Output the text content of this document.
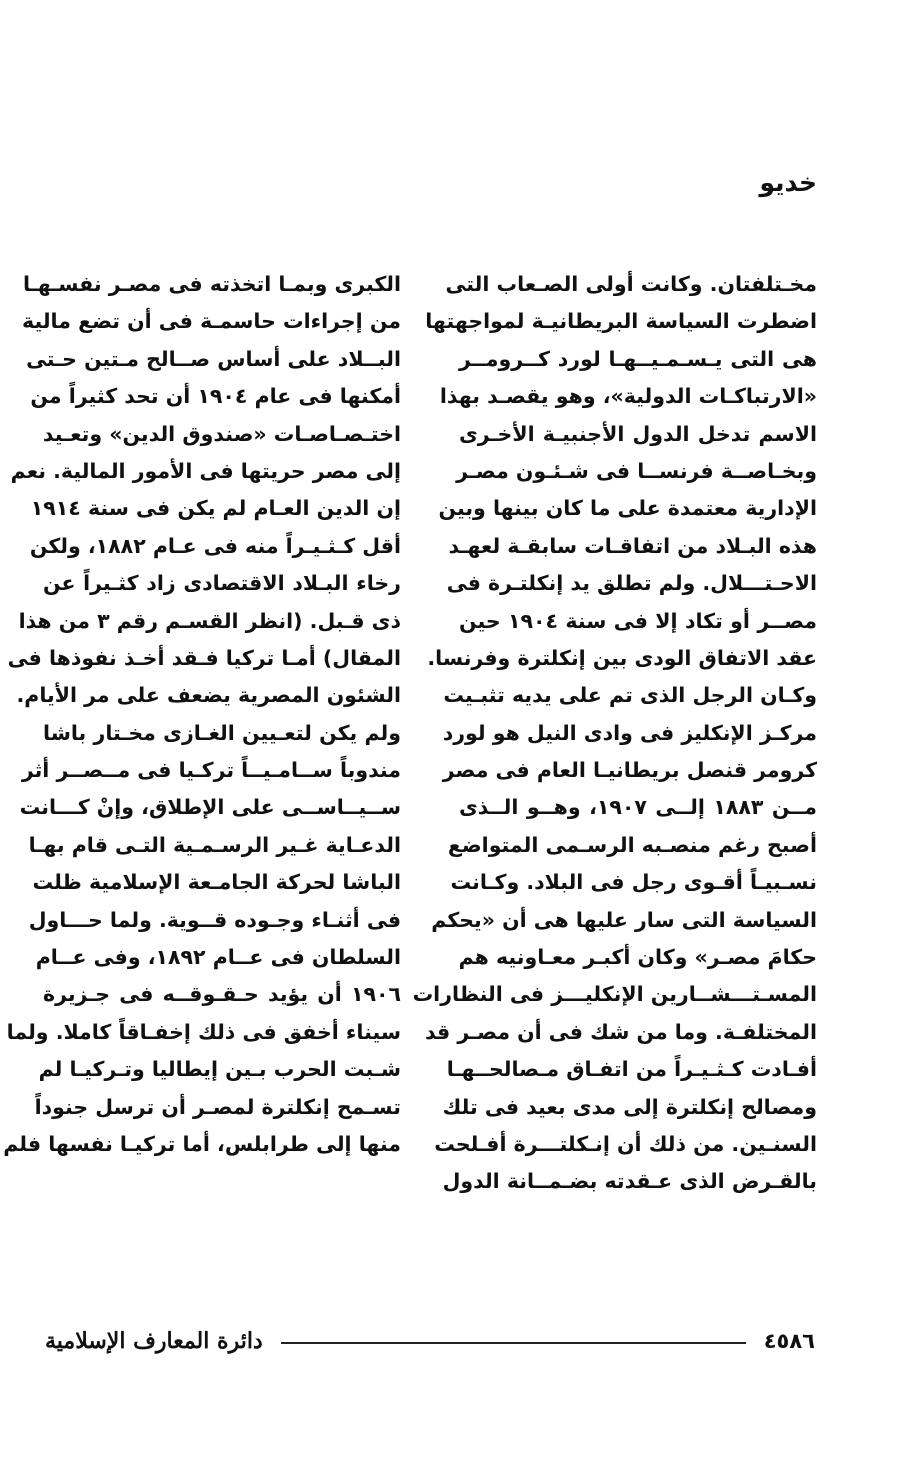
خديو

مخـتلفتان. وكانت أولى الصـعاب التى

اضطرت السياسة البريطانيـة لمواجهتها

هى التى يـسـمـيــهـا لورد كــرومــر

«الارتباكـات الدولية»، وهو يقصـد بهذا

الاسم تدخل الدول الأجنبيـة الأخـرى

وبخـاصــة فرنســا فى شـئـون مصـر

الإدارية معتمدة على ما كان بينها وبين

هذه البـلاد من اتفاقـات سابقـة لعهـد

الاحـتـــلال. ولم تطلق يد إنكلتـرة فى

مصــر أو تكاد إلا فى سنة ١٩٠٤ حين

عقد الاتفاق الودى بين إنكلترة وفرنسا.

وكـان الرجل الذى تم على يديه تثبـيت

مركـز الإنكليز فى وادى النيل هو لورد

كرومر قنصل بريطانيـا العام فى مصر

مــن ١٨٨٣ إلــى ١٩٠٧، وهــو الــذى

أصبح رغم منصـبه الرسـمى المتواضع

نسـبيـاً أقـوى رجل فى البلاد. وكـانت

السياسة التى سار عليها هى أن «يحكم

حكامَ مصـر» وكان أكبـر معـاونيه هم

المسـتـــشــارين الإنكليـــز فى النظارات

المختلفـة. وما من شك فى أن مصـر قد

أفـادت كـثـيـراً من اتفـاق مـصالحــهـا

ومصالح إنكلترة إلى مدى بعيد فى تلك

السنـين. من ذلك أن إنـكلتـــرة أفـلحت

بالقـرض الذى عـقدته بضـمــانة الدول

الكبرى وبمـا اتخذته فى مصـر نفسـهـا

من إجراءات حاسمـة فى أن تضع مالية

البــلاد على أساس صــالح مـتين حـتى

أمكنها فى عام ١٩٠٤ أن تحد كثيراً من

اختـصـاصـات «صندوق الدين» وتعـيد

إلى مصر حريتها فى الأمور المالية. نعم

إن الدين العـام لم يكن فى سنة ١٩١٤

أقل كـثـيـراً منه فى عـام ١٨٨٢، ولكن

رخاء البـلاد الاقتصادى زاد كثـيراً عن

ذى قـبل. (انظر القسـم رقم ٣ من هذا

المقال) أمـا تركيا فـقد أخـذ نفوذها فى

الشئون المصرية يضعف على مر الأيام.

ولم يكن لتعـيين الغـازى مخـتار باشا

مندوباً ســامـيــاً تركـيا فى مــصــر أثر

ســيــاســى على الإطلاق، وإنْ كـــانت

الدعـاية غـير الرسـمـية التـى قام بهـا

الباشا لحركة الجامـعة الإسلامية ظلت

فى أثنـاء وجـوده قــوية. ولما حـــاول

السلطان فى عــام ١٨٩٢، وفى عــام

١٩٠٦ أن يؤيد حـقـوقــه فى جـزيرة

سيناء أخفق فى ذلك إخفـاقاً كاملا. ولما

شـبت الحرب بـين إيطاليا وتـركيـا لم

تسـمح إنكلترة لمصـر أن ترسل جنوداً

منها إلى طرابلس، أما تركيـا نفسها فلم

٤٥٨٦
دائرة المعارف الإسلامية
